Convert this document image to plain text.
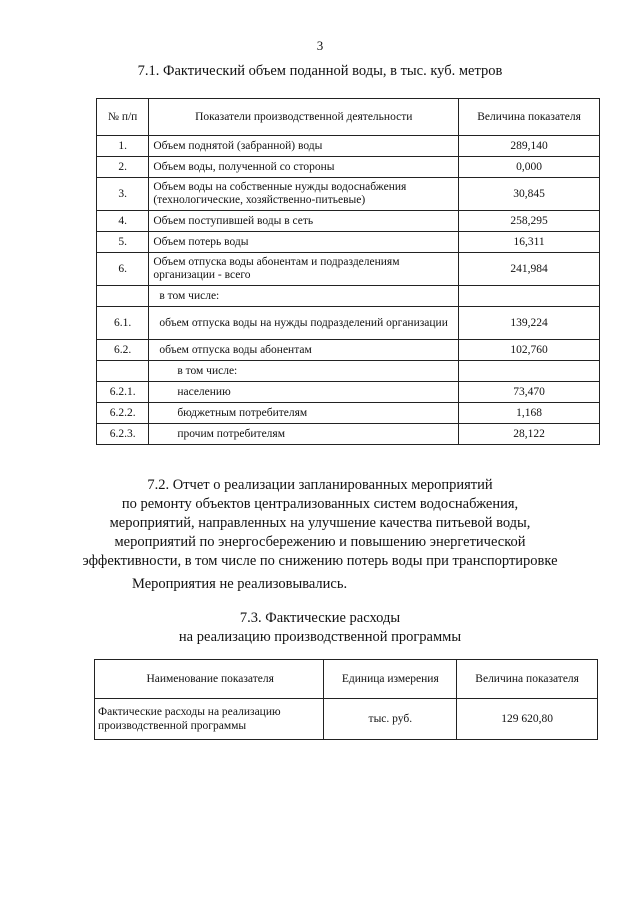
3
7.1. Фактический объем поданной воды, в тыс. куб. метров
№ п/п	Показатели производственной деятельности	Величина показателя
1.	Объем поднятой (забранной) воды	289,140
2.	Объем воды, полученной со стороны	0,000
3.	Объем воды на собственные нужды водоснабжения (технологические, хозяйственно-питьевые)	30,845
4.	Объем поступившей воды в сеть	258,295
5.	Объем потерь воды	16,311
6.	Объем отпуска воды абонентам и подразделениям организации - всего	241,984
	в том числе:	
6.1.	объем отпуска воды на нужды подразделений организации	139,224
6.2.	объем отпуска воды абонентам	102,760
	в том числе:	
6.2.1.	населению	73,470
6.2.2.	бюджетным потребителям	1,168
6.2.3.	прочим потребителям	28,122
7.2. Отчет о реализации запланированных мероприятий
по ремонту объектов централизованных систем водоснабжения,
мероприятий, направленных на улучшение качества питьевой воды,
мероприятий по энергосбережению и повышению энергетической
эффективности, в том числе по снижению потерь воды при транспортировке
Мероприятия не реализовывались.
7.3. Фактические расходы
на реализацию производственной программы
Наименование показателя	Единица измерения	Величина показателя
Фактические расходы на реализацию производственной программы	тыс. руб.	129 620,80
